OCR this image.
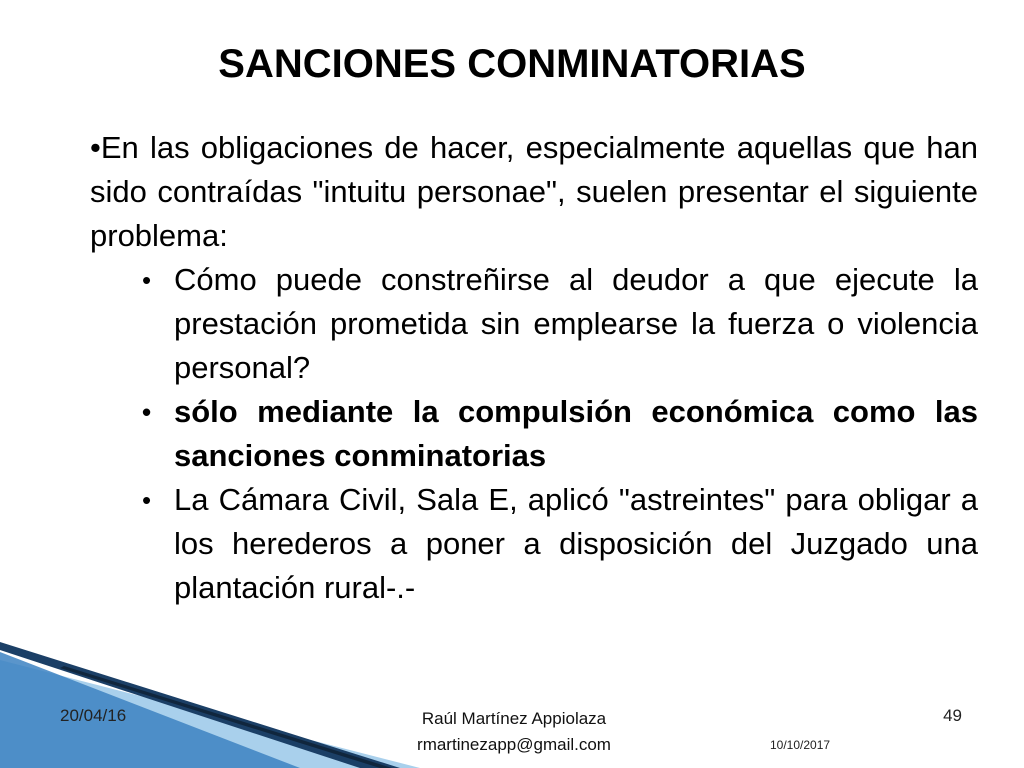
SANCIONES CONMINATORIAS

•En las obligaciones de hacer, especialmente aquellas que han sido contraídas "intuitu personae", suelen presentar el siguiente problema:

• Cómo puede constreñirse al deudor a que ejecute la prestación prometida sin emplearse la fuerza o violencia personal?
• sólo mediante la compulsión económica como las sanciones conminatorias
• La Cámara Civil, Sala E, aplicó "astreintes" para obligar a los herederos a poner a disposición del Juzgado una plantación rural-.-
20/04/16	Raúl Martínez Appiolaza
rmartinezapp@gmail.com
49
10/10/2017
